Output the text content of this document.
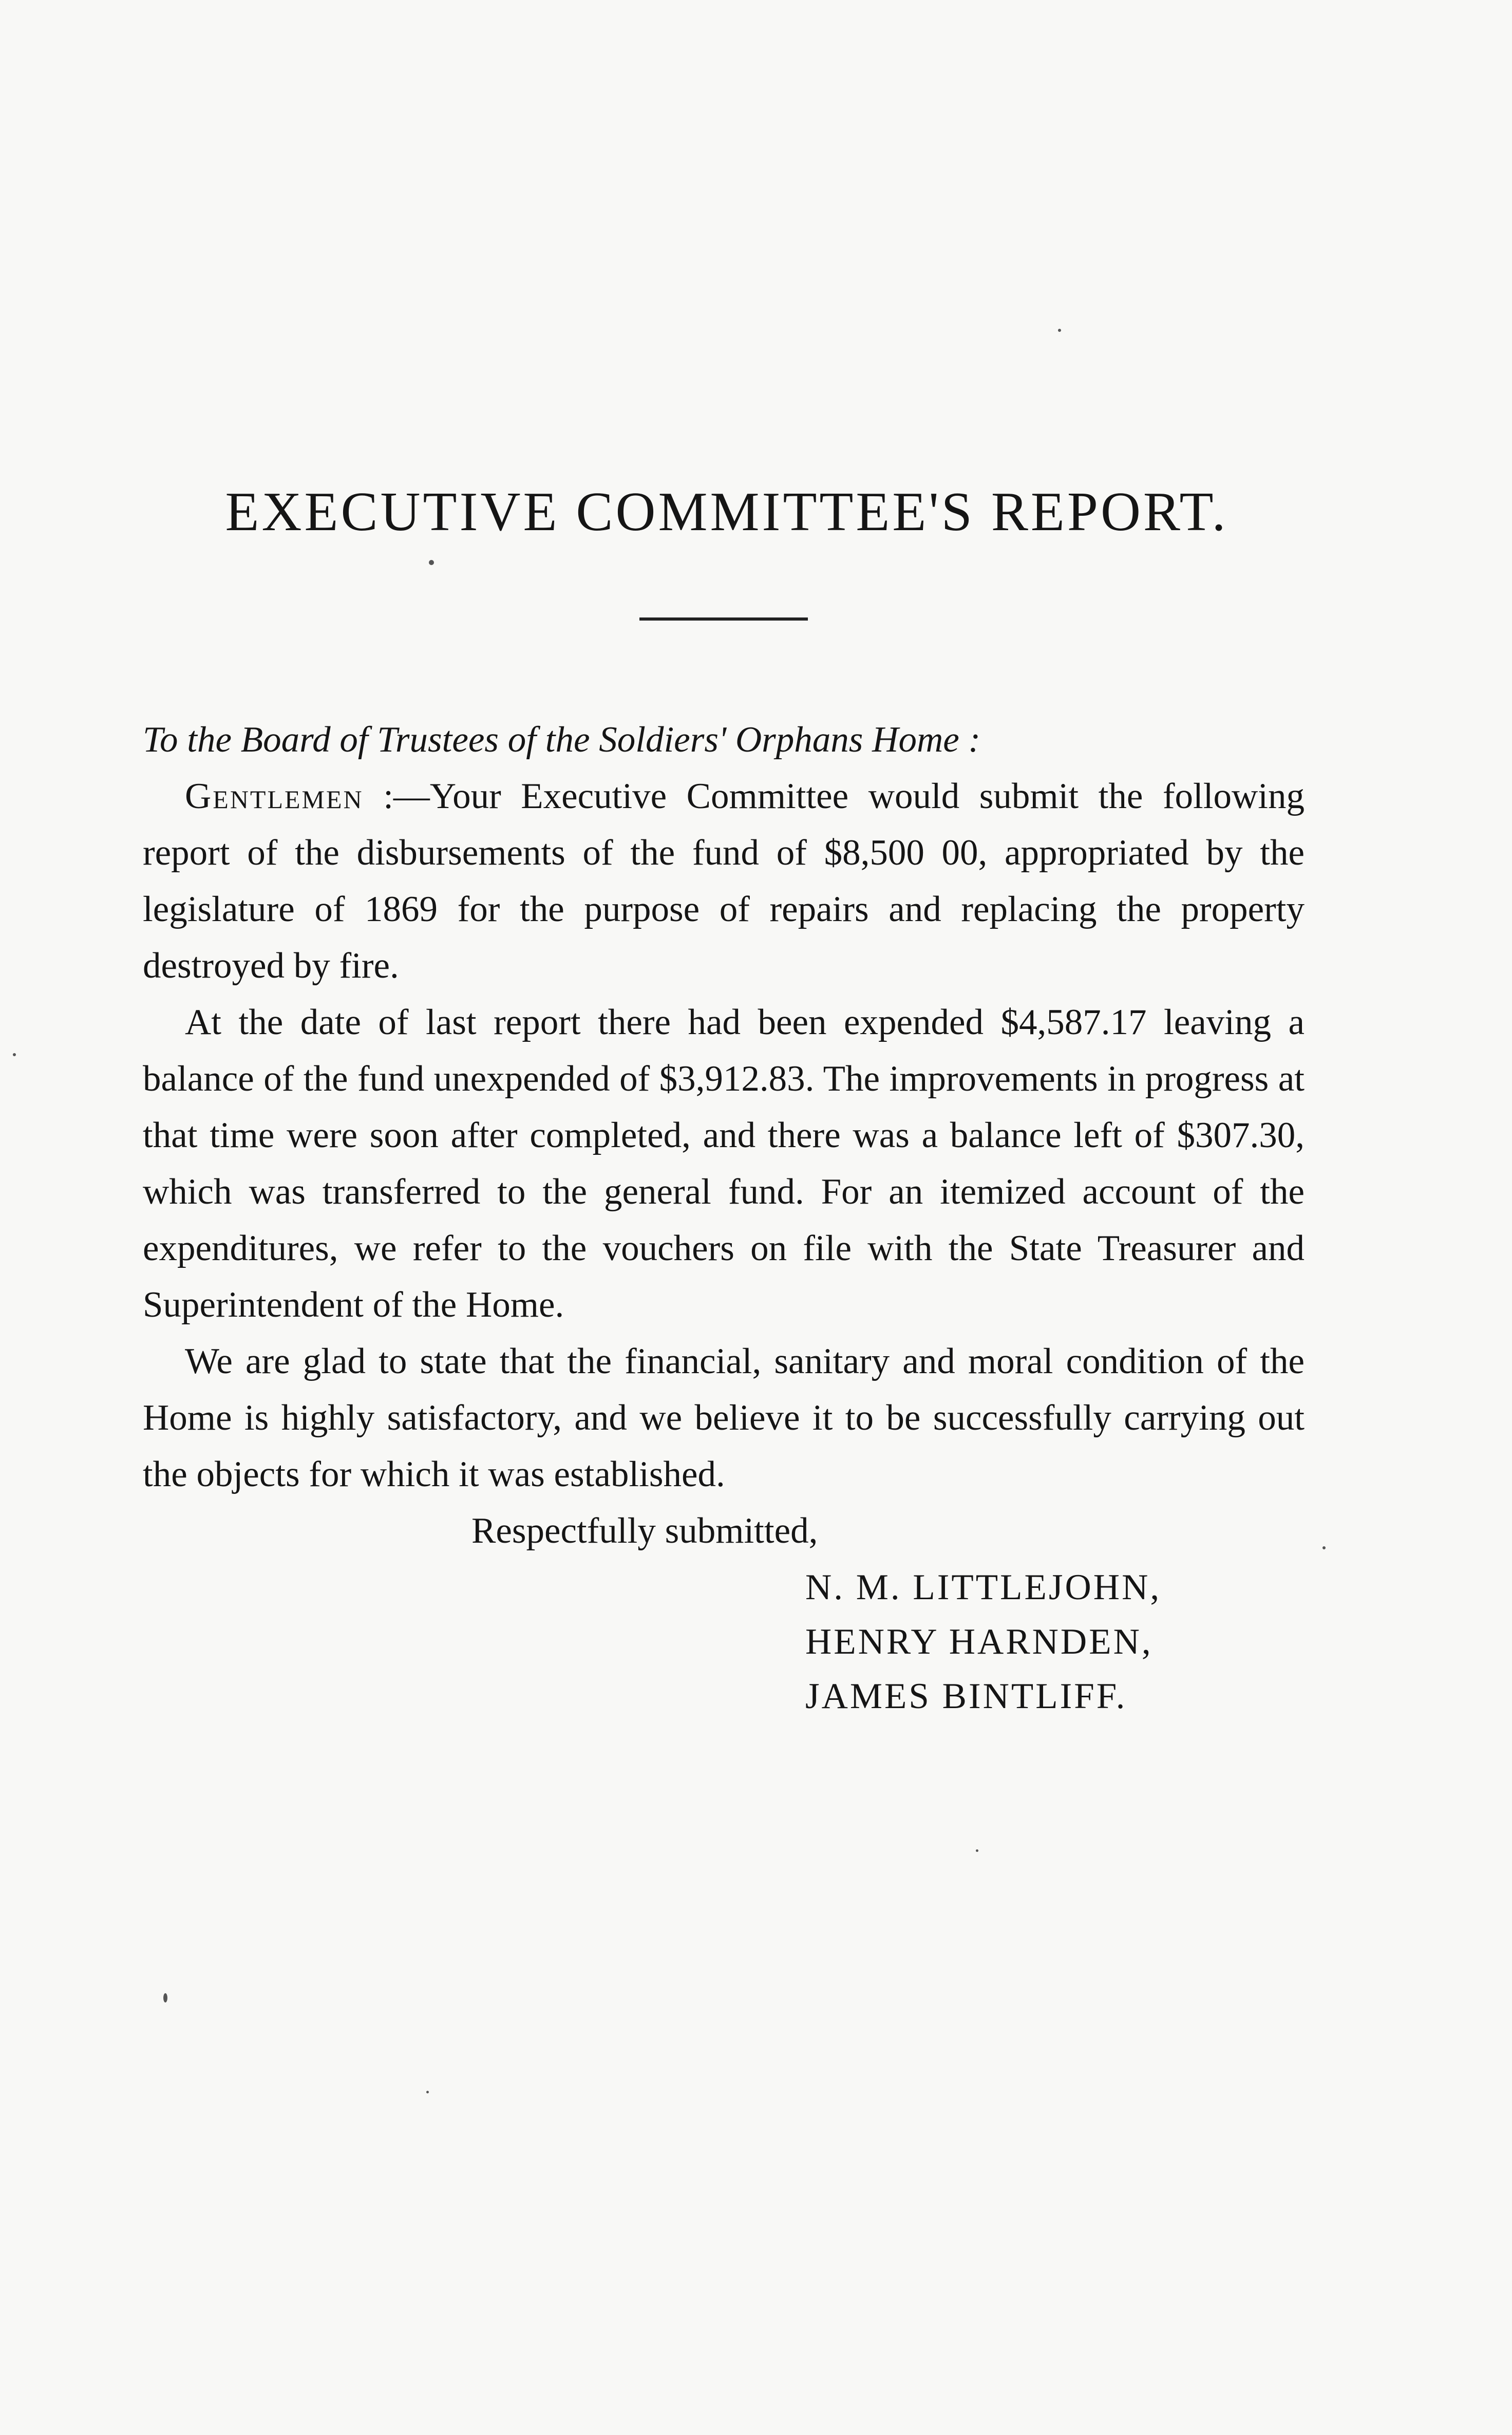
EXECUTIVE COMMITTEE'S REPORT.

To the Board of Trustees of the Soldiers' Orphans Home :

Gentlemen :—Your Executive Committee would submit the following report of the disbursements of the fund of $8,500 00, appropriated by the legislature of 1869 for the purpose of repairs and replacing the property destroyed by fire.

At the date of last report there had been expended $4,587.17 leaving a balance of the fund unexpended of $3,912.83. The improvements in progress at that time were soon after completed, and there was a balance left of $307.30, which was transferred to the general fund. For an itemized account of the expenditures, we refer to the vouchers on file with the State Treasurer and Superintendent of the Home.

We are glad to state that the financial, sanitary and moral condition of the Home is highly satisfactory, and we believe it to be successfully carrying out the objects for which it was established.

Respectfully submitted,

N. M. LITTLEJOHN,
HENRY HARNDEN,
JAMES BINTLIFF.
